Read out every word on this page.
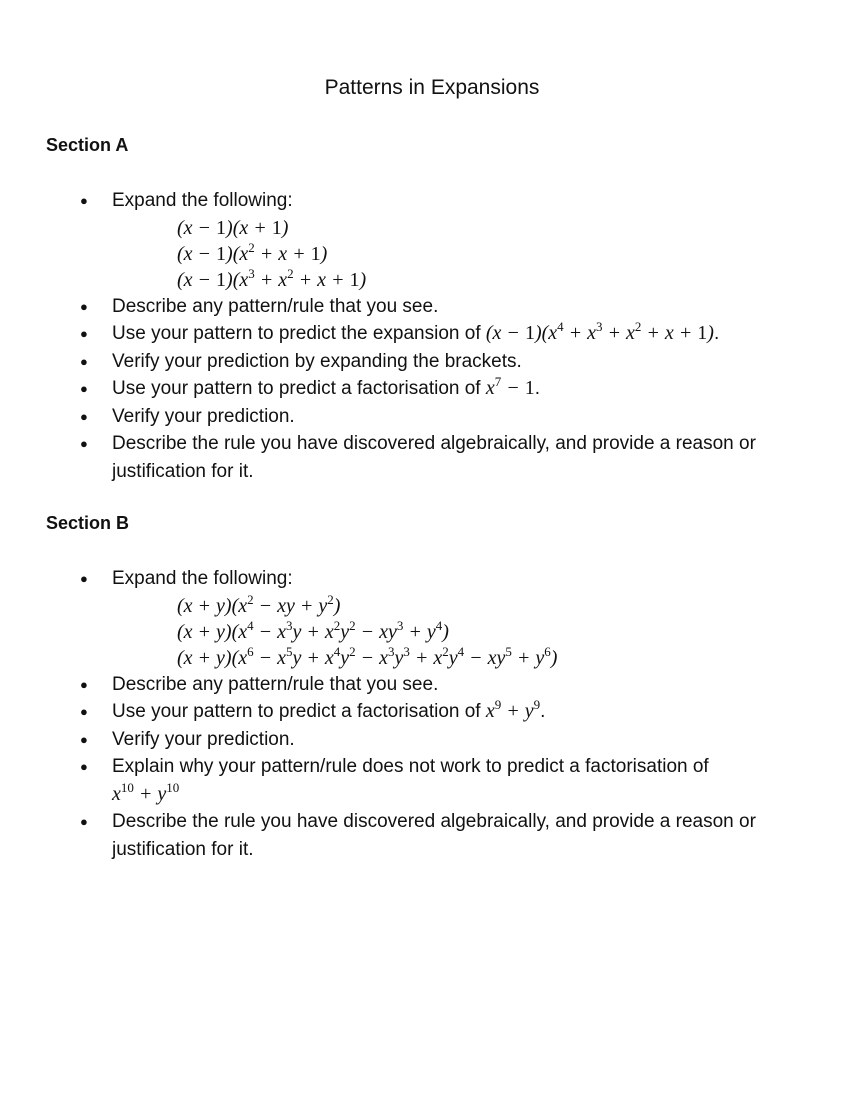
Patterns in Expansions
Section A
● Expand the following:
(x − 1)(x + 1)
$(x - 1)(x^2 + x + 1)$
$(x - 1)(x^3 + x^2 + x + 1)$
● Describe any pattern/rule that you see.
● Use your pattern to predict the expansion of $(x - 1)(x^4 + x^3 + x^2 + x + 1)$.
● Verify your prediction by expanding the brackets.
● Use your pattern to predict a factorisation of $x^7 - 1$.
● Verify your prediction.
● Describe the rule you have discovered algebraically, and provide a reason or justification for it.
Section B
● Expand the following:
$(x + y)(x^2$ − xy + $y^2$)
$(x + y)(x^4 - x^3y + x^2y^2 - xy^3 + y^4)$
$(x + y)(x^6 - x^5y + x^4y^2 - x^3y^3 + x^2y^4 - xy^5 + y^6)$
● Describe any pattern/rule that you see.
● Use your pattern to predict a factorisation of $x^9 + y^9$.
● Verify your prediction.
● Explain why your pattern/rule does not work to predict a factorisation of
$x^{10} + y^{10}$
● Describe the rule you have discovered algebraically, and provide a reason or justification for it.
